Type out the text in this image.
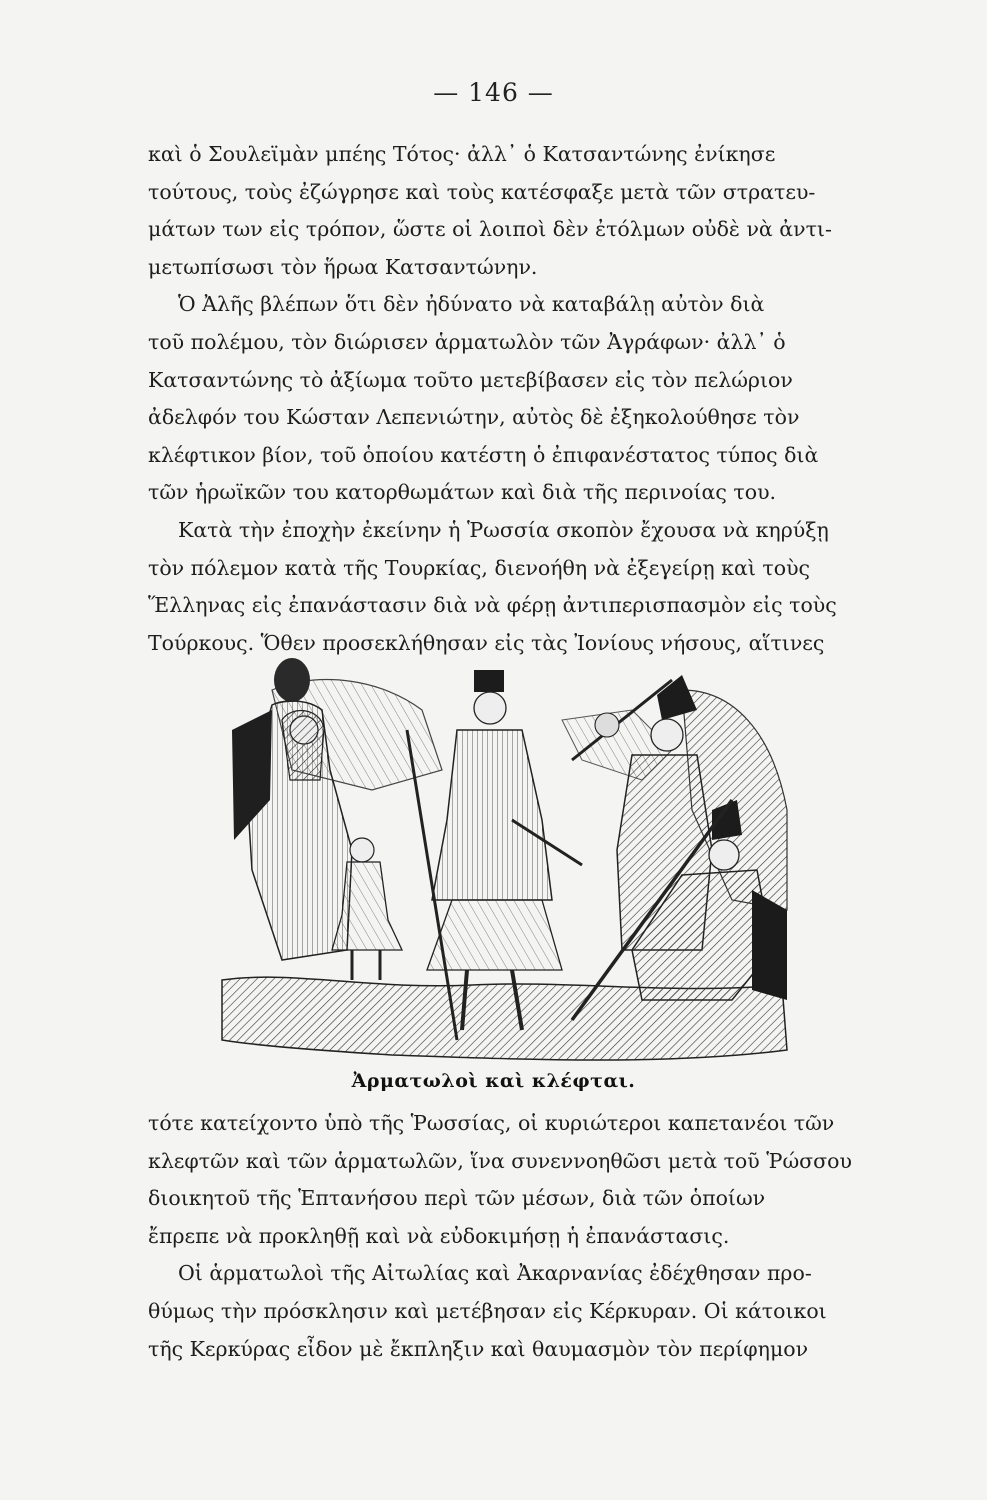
— 146 —

καὶ ὁ Σουλεϊμὰν μπέης Τότος· ἀλλ᾽ ὁ Κατσαντώνης ἐνίκησε
τούτους, τοὺς ἐζώγρησε καὶ τοὺς κατέσφαξε μετὰ τῶν στρατευ-
μάτων των εἰς τρόπον, ὥστε οἱ λοιποὶ δὲν ἐτόλμων οὐδὲ νὰ ἀντι-
μετωπίσωσι τὸν ἥρωα Κατσαντώνην.

Ὁ Ἀλῆς βλέπων ὅτι δὲν ἠδύνατο νὰ καταβάλῃ αὐτὸν διὰ
τοῦ πολέμου, τὸν διώρισεν ἁρματωλὸν τῶν Ἀγράφων· ἀλλ᾽ ὁ
Κατσαντώνης τὸ ἀξίωμα τοῦτο μετεβίβασεν εἰς τὸν πελώριον
ἀδελφόν του Κώσταν Λεπενιώτην, αὐτὸς δὲ ἐξηκολούθησε τὸν
κλέφτικον βίον, τοῦ ὁποίου κατέστη ὁ ἐπιφανέστατος τύπος διὰ
τῶν ἡρωϊκῶν του κατορθωμάτων καὶ διὰ τῆς περινοίας του.

Κατὰ τὴν ἐποχὴν ἐκείνην ἡ Ῥωσσία σκοπὸν ἔχουσα νὰ κηρύξῃ
τὸν πόλεμον κατὰ τῆς Τουρκίας, διενοήθη νὰ ἐξεγείρῃ καὶ τοὺς
Ἕλληνας εἰς ἐπανάστασιν διὰ νὰ φέρῃ ἀντιπερισπασμὸν εἰς τοὺς
Τούρκους. Ὅθεν προσεκλήθησαν εἰς τὰς Ἰονίους νήσους, αἵτινες

Ἀρματωλοὶ καὶ κλέφται.

τότε κατείχοντο ὑπὸ τῆς Ῥωσσίας, οἱ κυριώτεροι καπετανέοι τῶν
κλεφτῶν καὶ τῶν ἁρματωλῶν, ἵνα συνεννοηθῶσι μετὰ τοῦ Ῥώσσου
διοικητοῦ τῆς Ἑπτανήσου περὶ τῶν μέσων, διὰ τῶν ὁποίων
ἔπρεπε νὰ προκληθῇ καὶ νὰ εὐδοκιμήσῃ ἡ ἐπανάστασις.

Οἱ ἁρματωλοὶ τῆς Αἰτωλίας καὶ Ἀκαρνανίας ἐδέχθησαν προ-
θύμως τὴν πρόσκλησιν καὶ μετέβησαν εἰς Κέρκυραν. Οἱ κάτοικοι
τῆς Κερκύρας εἶδον μὲ ἔκπληξιν καὶ θαυμασμὸν τὸν περίφημον
